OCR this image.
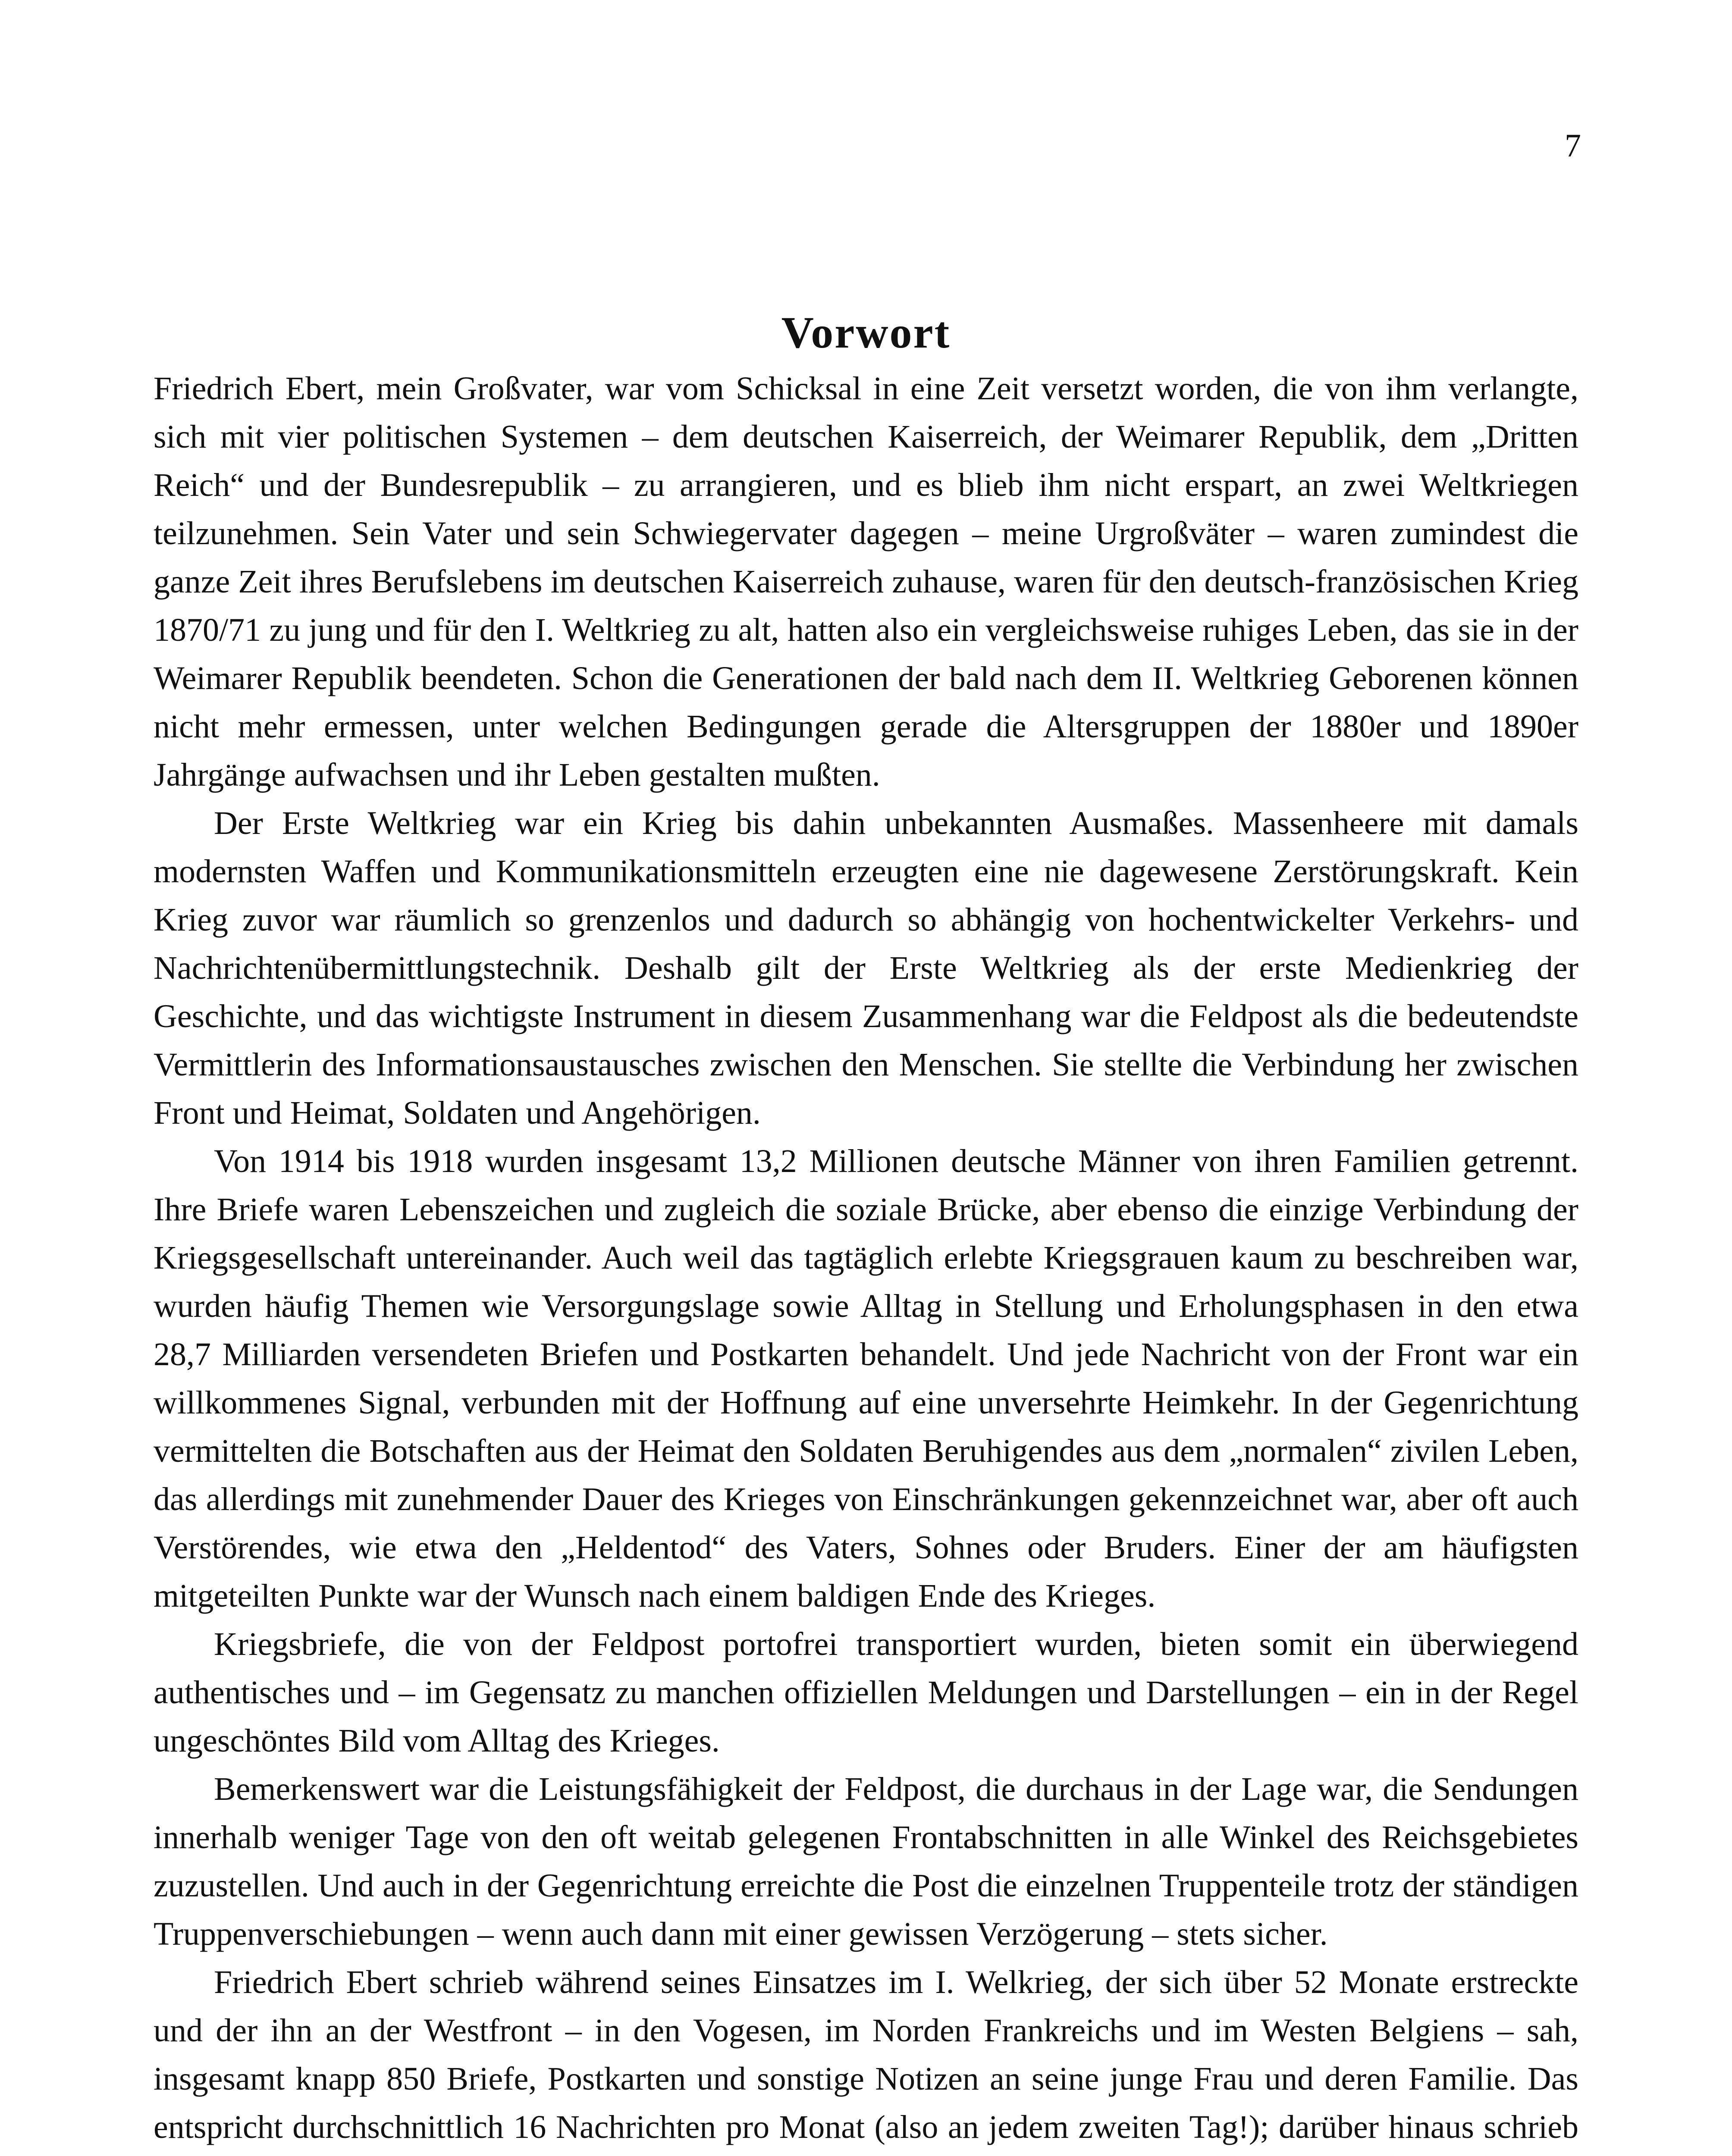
7
Vorwort

Friedrich Ebert, mein Großvater, war vom Schicksal in eine Zeit versetzt worden, die von ihm verlangte, sich mit vier politischen Systemen – dem deutschen Kaiserreich, der Weimarer Republik, dem „Dritten Reich“ und der Bundesrepublik – zu arrangieren, und es blieb ihm nicht erspart, an zwei Weltkriegen teilzunehmen. Sein Vater und sein Schwiegervater dagegen – meine Urgroßväter – waren zumindest die ganze Zeit ihres Berufslebens im deutschen Kaiserreich zuhause, waren für den deutsch-französischen Krieg 1870/71 zu jung und für den I. Weltkrieg zu alt, hatten also ein vergleichsweise ruhiges Leben, das sie in der Weimarer Republik beendeten. Schon die Generationen der bald nach dem II. Weltkrieg Geborenen können nicht mehr ermessen, unter welchen Bedingungen gerade die Altersgruppen der 1880er und 1890er Jahrgänge aufwachsen und ihr Leben gestalten mußten.

Der Erste Weltkrieg war ein Krieg bis dahin unbekannten Ausmaßes. Massenheere mit damals modernsten Waffen und Kommunikationsmitteln erzeugten eine nie dagewesene Zerstörungskraft. Kein Krieg zuvor war räumlich so grenzenlos und dadurch so abhängig von hochentwickelter Verkehrs- und Nachrichtenübermittlungstechnik. Deshalb gilt der Erste Weltkrieg als der erste Medienkrieg der Geschichte, und das wichtigste Instrument in diesem Zusammenhang war die Feldpost als die bedeutendste Vermittlerin des Informationsaustausches zwischen den Menschen. Sie stellte die Verbindung her zwischen Front und Heimat, Soldaten und Angehörigen.

Von 1914 bis 1918 wurden insgesamt 13,2 Millionen deutsche Männer von ihren Familien getrennt. Ihre Briefe waren Lebenszeichen und zugleich die soziale Brücke, aber ebenso die einzige Verbindung der Kriegsgesellschaft untereinander. Auch weil das tagtäglich erlebte Kriegsgrauen kaum zu beschreiben war, wurden häufig Themen wie Versorgungslage sowie Alltag in Stellung und Erholungsphasen in den etwa 28,7 Milliarden versendeten Briefen und Postkarten behandelt. Und jede Nachricht von der Front war ein willkommenes Signal, verbunden mit der Hoffnung auf eine unversehrte Heimkehr. In der Gegenrichtung vermittelten die Botschaften aus der Heimat den Soldaten Beruhigendes aus dem „normalen“ zivilen Leben, das allerdings mit zunehmender Dauer des Krieges von Einschränkungen gekennzeichnet war, aber oft auch Verstörendes, wie etwa den „Heldentod“ des Vaters, Sohnes oder Bruders. Einer der am häufigsten mitgeteilten Punkte war der Wunsch nach einem baldigen Ende des Krieges.

Kriegsbriefe, die von der Feldpost portofrei transportiert wurden, bieten somit ein überwiegend authentisches und – im Gegensatz zu manchen offiziellen Meldungen und Darstellungen – ein in der Regel ungeschöntes Bild vom Alltag des Krieges.

Bemerkenswert war die Leistungsfähigkeit der Feldpost, die durchaus in der Lage war, die Sendungen innerhalb weniger Tage von den oft weitab gelegenen Frontabschnitten in alle Winkel des Reichsgebietes zuzustellen. Und auch in der Gegenrichtung erreichte die Post die einzelnen Truppenteile trotz der ständigen Truppenverschiebungen – wenn auch dann mit einer gewissen Verzögerung – stets sicher.

Friedrich Ebert schrieb während seines Einsatzes im I. Welkrieg, der sich über 52 Monate erstreckte und der ihn an der Westfront – in den Vogesen, im Norden Frankreichs und im Westen Belgiens – sah, insgesamt knapp 850 Briefe, Postkarten und sonstige Notizen an seine junge Frau und deren Familie. Das entspricht durchschnittlich 16 Nachrichten pro Monat (also an jedem zweiten Tag!); darüber hinaus schrieb
